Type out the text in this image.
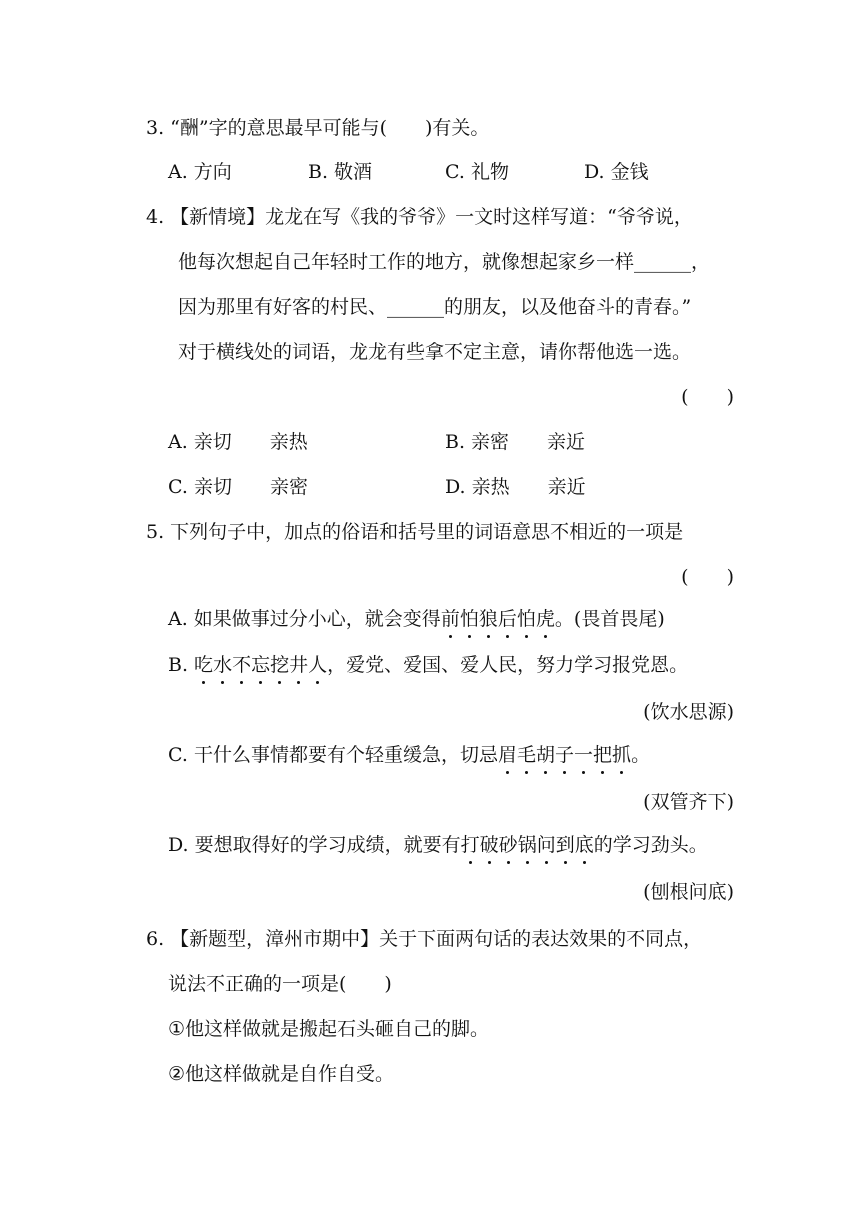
3. “酬”字的意思最早可能与(　　)有关。
A. 方向	B. 敬酒	C. 礼物	D. 金钱
4. 【新情境】龙龙在写《我的爷爷》一文时这样写道：“爷爷说，
他每次想起自己年轻时工作的地方，就像想起家乡一样______，
因为那里有好客的村民、______的朋友，以及他奋斗的青春。”
对于横线处的词语，龙龙有些拿不定主意，请你帮他选一选。
(　　)
A. 亲切　　亲热	B. 亲密　　亲近
C. 亲切　　亲密	D. 亲热　　亲近
5. 下列句子中，加点的俗语和括号里的词语意思不相近的一项是
(　　)
A. 如果做事过分小心，就会变得前怕狼后怕虎。(畏首畏尾)
B. 吃水不忘挖井人，爱党、爱国、爱人民，努力学习报党恩。
(饮水思源)
C. 干什么事情都要有个轻重缓急，切忌眉毛胡子一把抓。
(双管齐下)
D. 要想取得好的学习成绩，就要有打破砂锅问到底的学习劲头。
(刨根问底)
6. 【新题型，漳州市期中】关于下面两句话的表达效果的不同点，
说法不正确的一项是(　　)
①他这样做就是搬起石头砸自己的脚。
②他这样做就是自作自受。
